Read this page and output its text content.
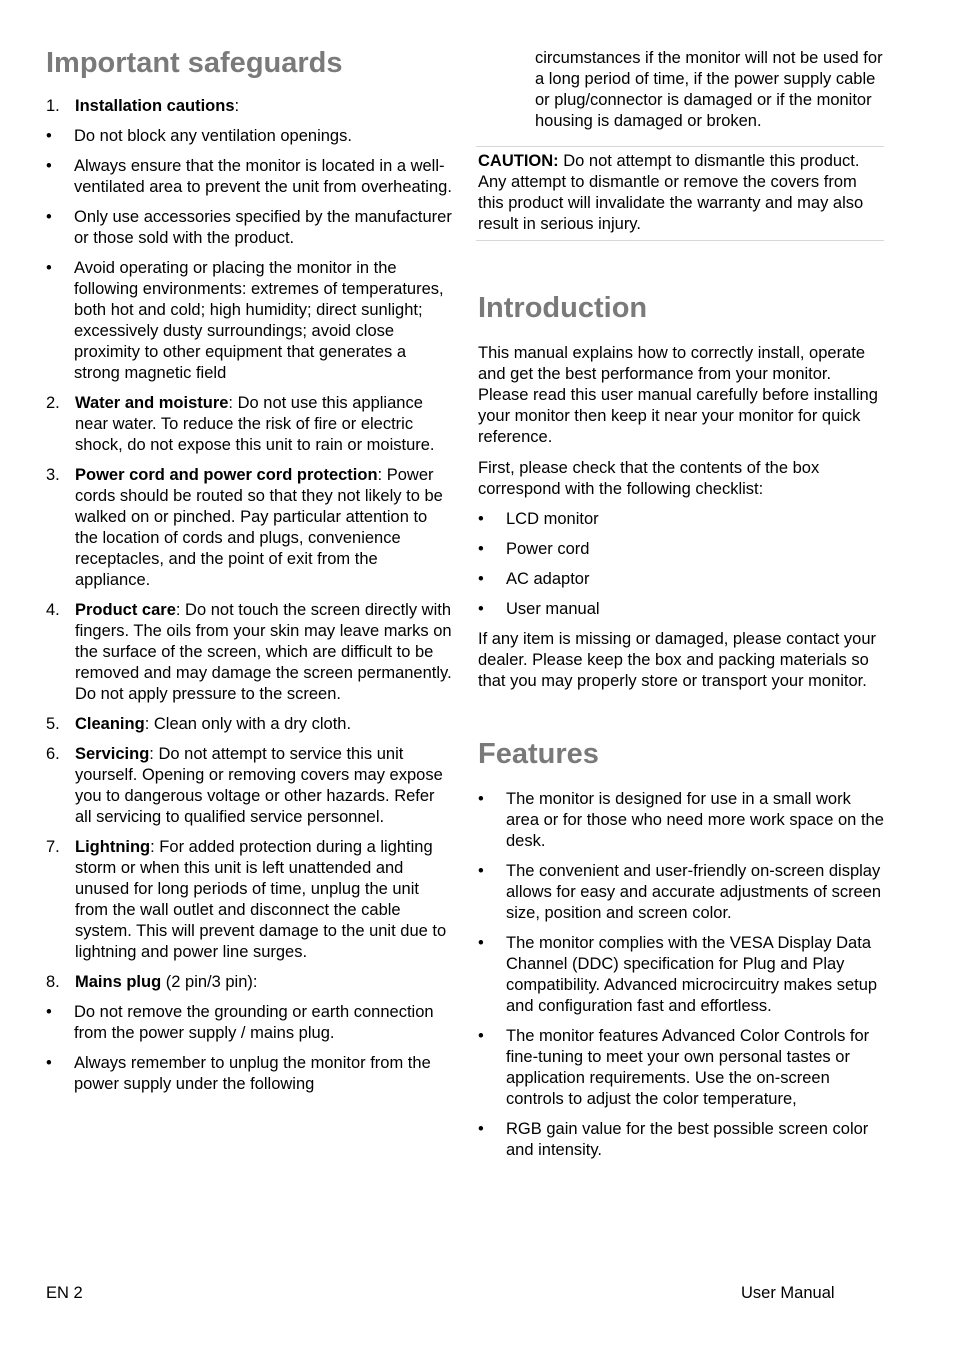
Important safeguards
1. Installation cautions:
• Do not block any ventilation openings.
• Always ensure that the monitor is located in a well-ventilated area to prevent the unit from overheating.
• Only use accessories specified by the manufacturer or those sold with the product.
• Avoid operating or placing the monitor in the following environments: extremes of temperatures, both hot and cold; high humidity; direct sunlight; excessively dusty surroundings; avoid close proximity to other equipment that generates a strong magnetic field
2. Water and moisture: Do not use this appliance near water. To reduce the risk of fire or electric shock, do not expose this unit to rain or moisture.
3. Power cord and power cord protection: Power cords should be routed so that they not likely to be walked on or pinched. Pay particular attention to the location of cords and plugs, convenience receptacles, and the point of exit from the appliance.
4. Product care: Do not touch the screen directly with fingers. The oils from your skin may leave marks on the surface of the screen, which are difficult to be removed and may damage the screen permanently. Do not apply pressure to the screen.
5. Cleaning: Clean only with a dry cloth.
6. Servicing: Do not attempt to service this unit yourself. Opening or removing covers may expose you to dangerous voltage or other hazards. Refer all servicing to qualified service personnel.
7. Lightning: For added protection during a lighting storm or when this unit is left unattended and unused for long periods of time, unplug the unit from the wall outlet and disconnect the cable system. This will prevent damage to the unit due to lightning and power line surges.
8. Mains plug (2 pin/3 pin):
• Do not remove the grounding or earth connection from the power supply / mains plug.
• Always remember to unplug the monitor from the power supply under the following
EN 2

circumstances if the monitor will not be used for a long period of time, if the power supply cable or plug/connector is damaged or if the monitor housing is damaged or broken.

CAUTION: Do not attempt to dismantle this product. Any attempt to dismantle or remove the covers from this product will invalidate the warranty and may also result in serious injury.
Introduction

This manual explains how to correctly install, operate and get the best performance from your monitor. Please read this user manual carefully before installing your monitor then keep it near your monitor for quick reference.

First, please check that the contents of the box correspond with the following checklist:

• LCD monitor
• Power cord
• AC adaptor
• User manual

If any item is missing or damaged, please contact your dealer. Please keep the box and packing materials so that you may properly store or transport your monitor.

Features
• The monitor is designed for use in a small work area or for those who need more work space on the desk.
• The convenient and user-friendly on-screen display allows for easy and accurate adjustments of screen size, position and screen color.
• The monitor complies with the VESA Display Data Channel (DDC) specification for Plug and Play compatibility. Advanced microcircuitry makes setup and configuration fast and effortless.
• The monitor features Advanced Color Controls for fine-tuning to meet your own personal tastes or application requirements. Use the on-screen controls to adjust the color temperature,
• RGB gain value for the best possible screen color and intensity.
User Manual
